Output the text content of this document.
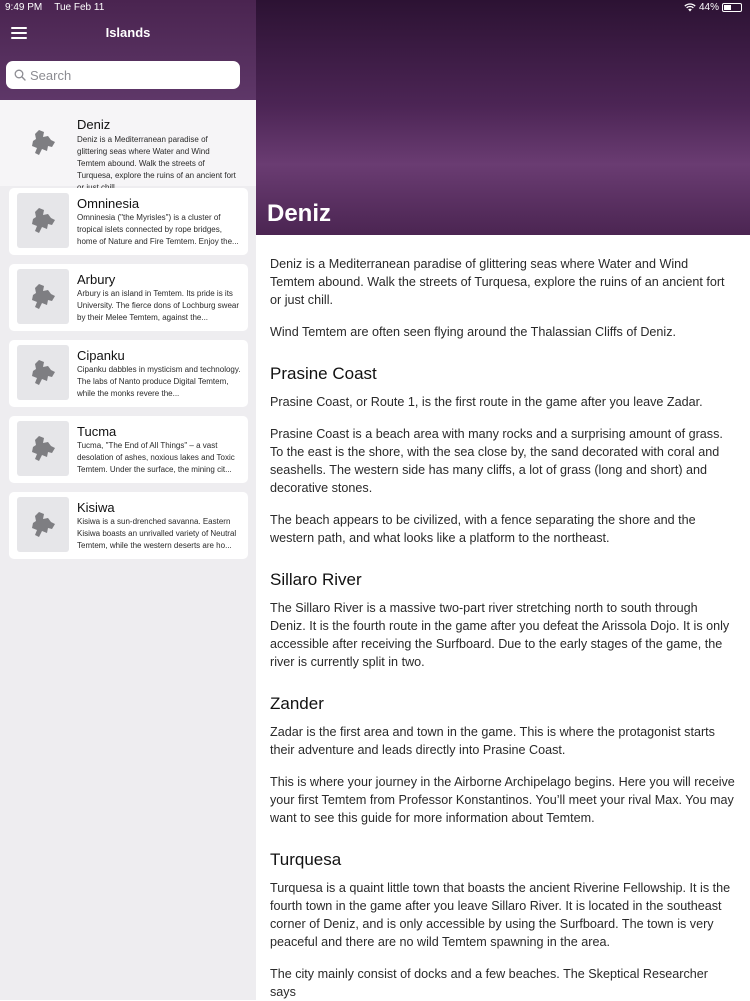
9:49 PM Tue Feb 11
Islands
Search
Deniz
Deniz is a Mediterranean paradise of glittering seas where Water and Wind Temtem abound. Walk the streets of Turquesa, explore the ruins of an ancient fort
Omninesia
Omninesia ("the Myrisles") is a cluster of tropical islets connected by rope bridges, home of Nature and Fire Temtem. Enjoy the...
Arbury
Arbury is an island in Temtem. Its pride is its University. The fierce dons of Lochburg swear by their Melee Temtem, against the...
Cipanku
Cipanku dabbles in mysticism and technology. The labs of Nanto produce Digital Temtem, while the monks revere the...
Tucma
Tucma, "The End of All Things" – a vast desolation of ashes, noxious lakes and Toxic Temtem. Under the surface, the mining cit...
Kisiwa
Kisiwa is a sun-drenched savanna. Eastern Kisiwa boasts an unrivalled variety of Neutral Temtem, while the western deserts are ho...
44%
Deniz

Deniz is a Mediterranean paradise of glittering seas where Water and Wind Temtem abound. Walk the streets of Turquesa, explore the ruins of an ancient fort or just chill.

Wind Temtem are often seen flying around the Thalassian Cliffs of Deniz.

Prasine Coast

Prasine Coast, or Route 1, is the first route in the game after you leave Zadar.

Prasine Coast is a beach area with many rocks and a surprising amount of grass. To the east is the shore, with the sea close by, the sand decorated with coral and seashells. The western side has many cliffs, a lot of grass (long and short) and decorative stones.

The beach appears to be civilized, with a fence separating the shore and the western path, and what looks like a platform to the northeast.

Sillaro River

The Sillaro River is a massive two-part river stretching north to south through Deniz. It is the fourth route in the game after you defeat the Arissola Dojo. It is only accessible after receiving the Surfboard. Due to the early stages of the game, the river is currently split in two.

Zander

Zadar is the first area and town in the game. This is where the protagonist starts their adventure and leads directly into Prasine Coast.

This is where your journey in the Airborne Archipelago begins. Here you will receive your first Temtem from Professor Konstantinos. You’ll meet your rival Max. You may want to see this guide for more information about Temtem.

Turquesa

Turquesa is a quaint little town that boasts the ancient Riverine Fellowship. It is the fourth town in the game after you leave Sillaro River. It is located in the southeast corner of Deniz, and is only accessible by using the Surfboard. The town is very peaceful and there are no wild Temtem spawning in the area.

The city mainly consist of docks and a few beaches. The Skeptical Researcher says
